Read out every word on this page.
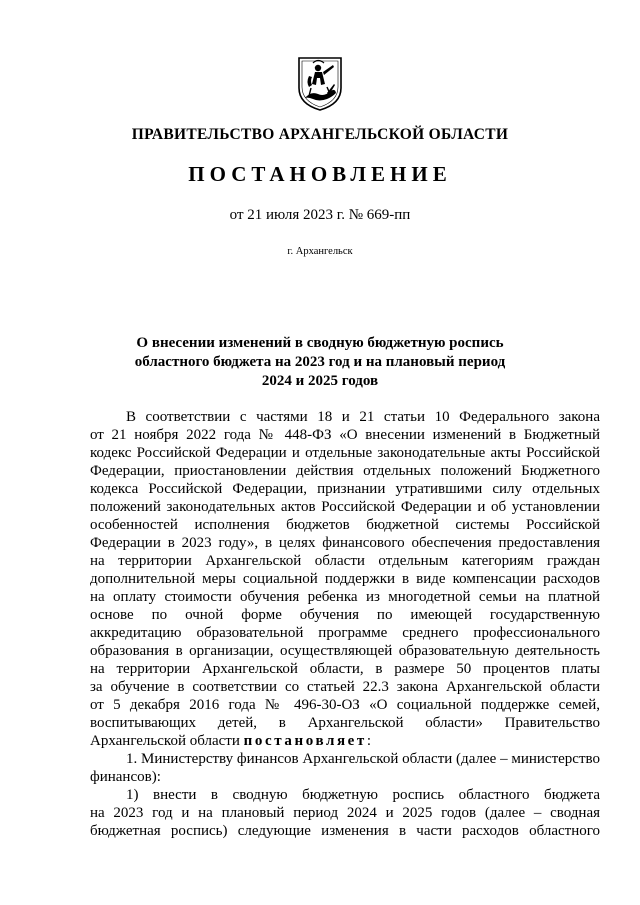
ПРАВИТЕЛЬСТВО АРХАНГЕЛЬСКОЙ ОБЛАСТИ
ПОСТАНОВЛЕНИЕ
от 21 июля 2023 г. № 669-пп
г. Архангельск
О внесении изменений в сводную бюджетную роспись
областного бюджета на 2023 год и на плановый период
2024 и 2025 годов
В соответствии с частями 18 и 21 статьи 10 Федерального закона
от 21 ноября 2022 года № 448-ФЗ «О внесении изменений в Бюджетный
кодекс Российской Федерации и отдельные законодательные акты Российской
Федерации, приостановлении действия отдельных положений Бюджетного
кодекса Российской Федерации, признании утратившими силу отдельных
положений законодательных актов Российской Федерации и об установлении
особенностей исполнения бюджетов бюджетной системы Российской
Федерации в 2023 году», в целях финансового обеспечения предоставления
на территории Архангельской области отдельным категориям граждан
дополнительной меры социальной поддержки в виде компенсации расходов
на оплату стоимости обучения ребенка из многодетной семьи на платной
основе по очной форме обучения по имеющей государственную
аккредитацию образовательной программе среднего профессионального
образования в организации, осуществляющей образовательную деятельность
на территории Архангельской области, в размере 50 процентов платы
за обучение в соответствии со статьей 22.3 закона Архангельской области
от 5 декабря 2016 года № 496-30-ОЗ «О социальной поддержке семей,
воспитывающих детей, в Архангельской области» Правительство
Архангельской области постановляет:
1. Министерству финансов Архангельской области (далее – министерство
финансов):
1) внести в сводную бюджетную роспись областного бюджета
на 2023 год и на плановый период 2024 и 2025 годов (далее – сводная
бюджетная роспись) следующие изменения в части расходов областного
